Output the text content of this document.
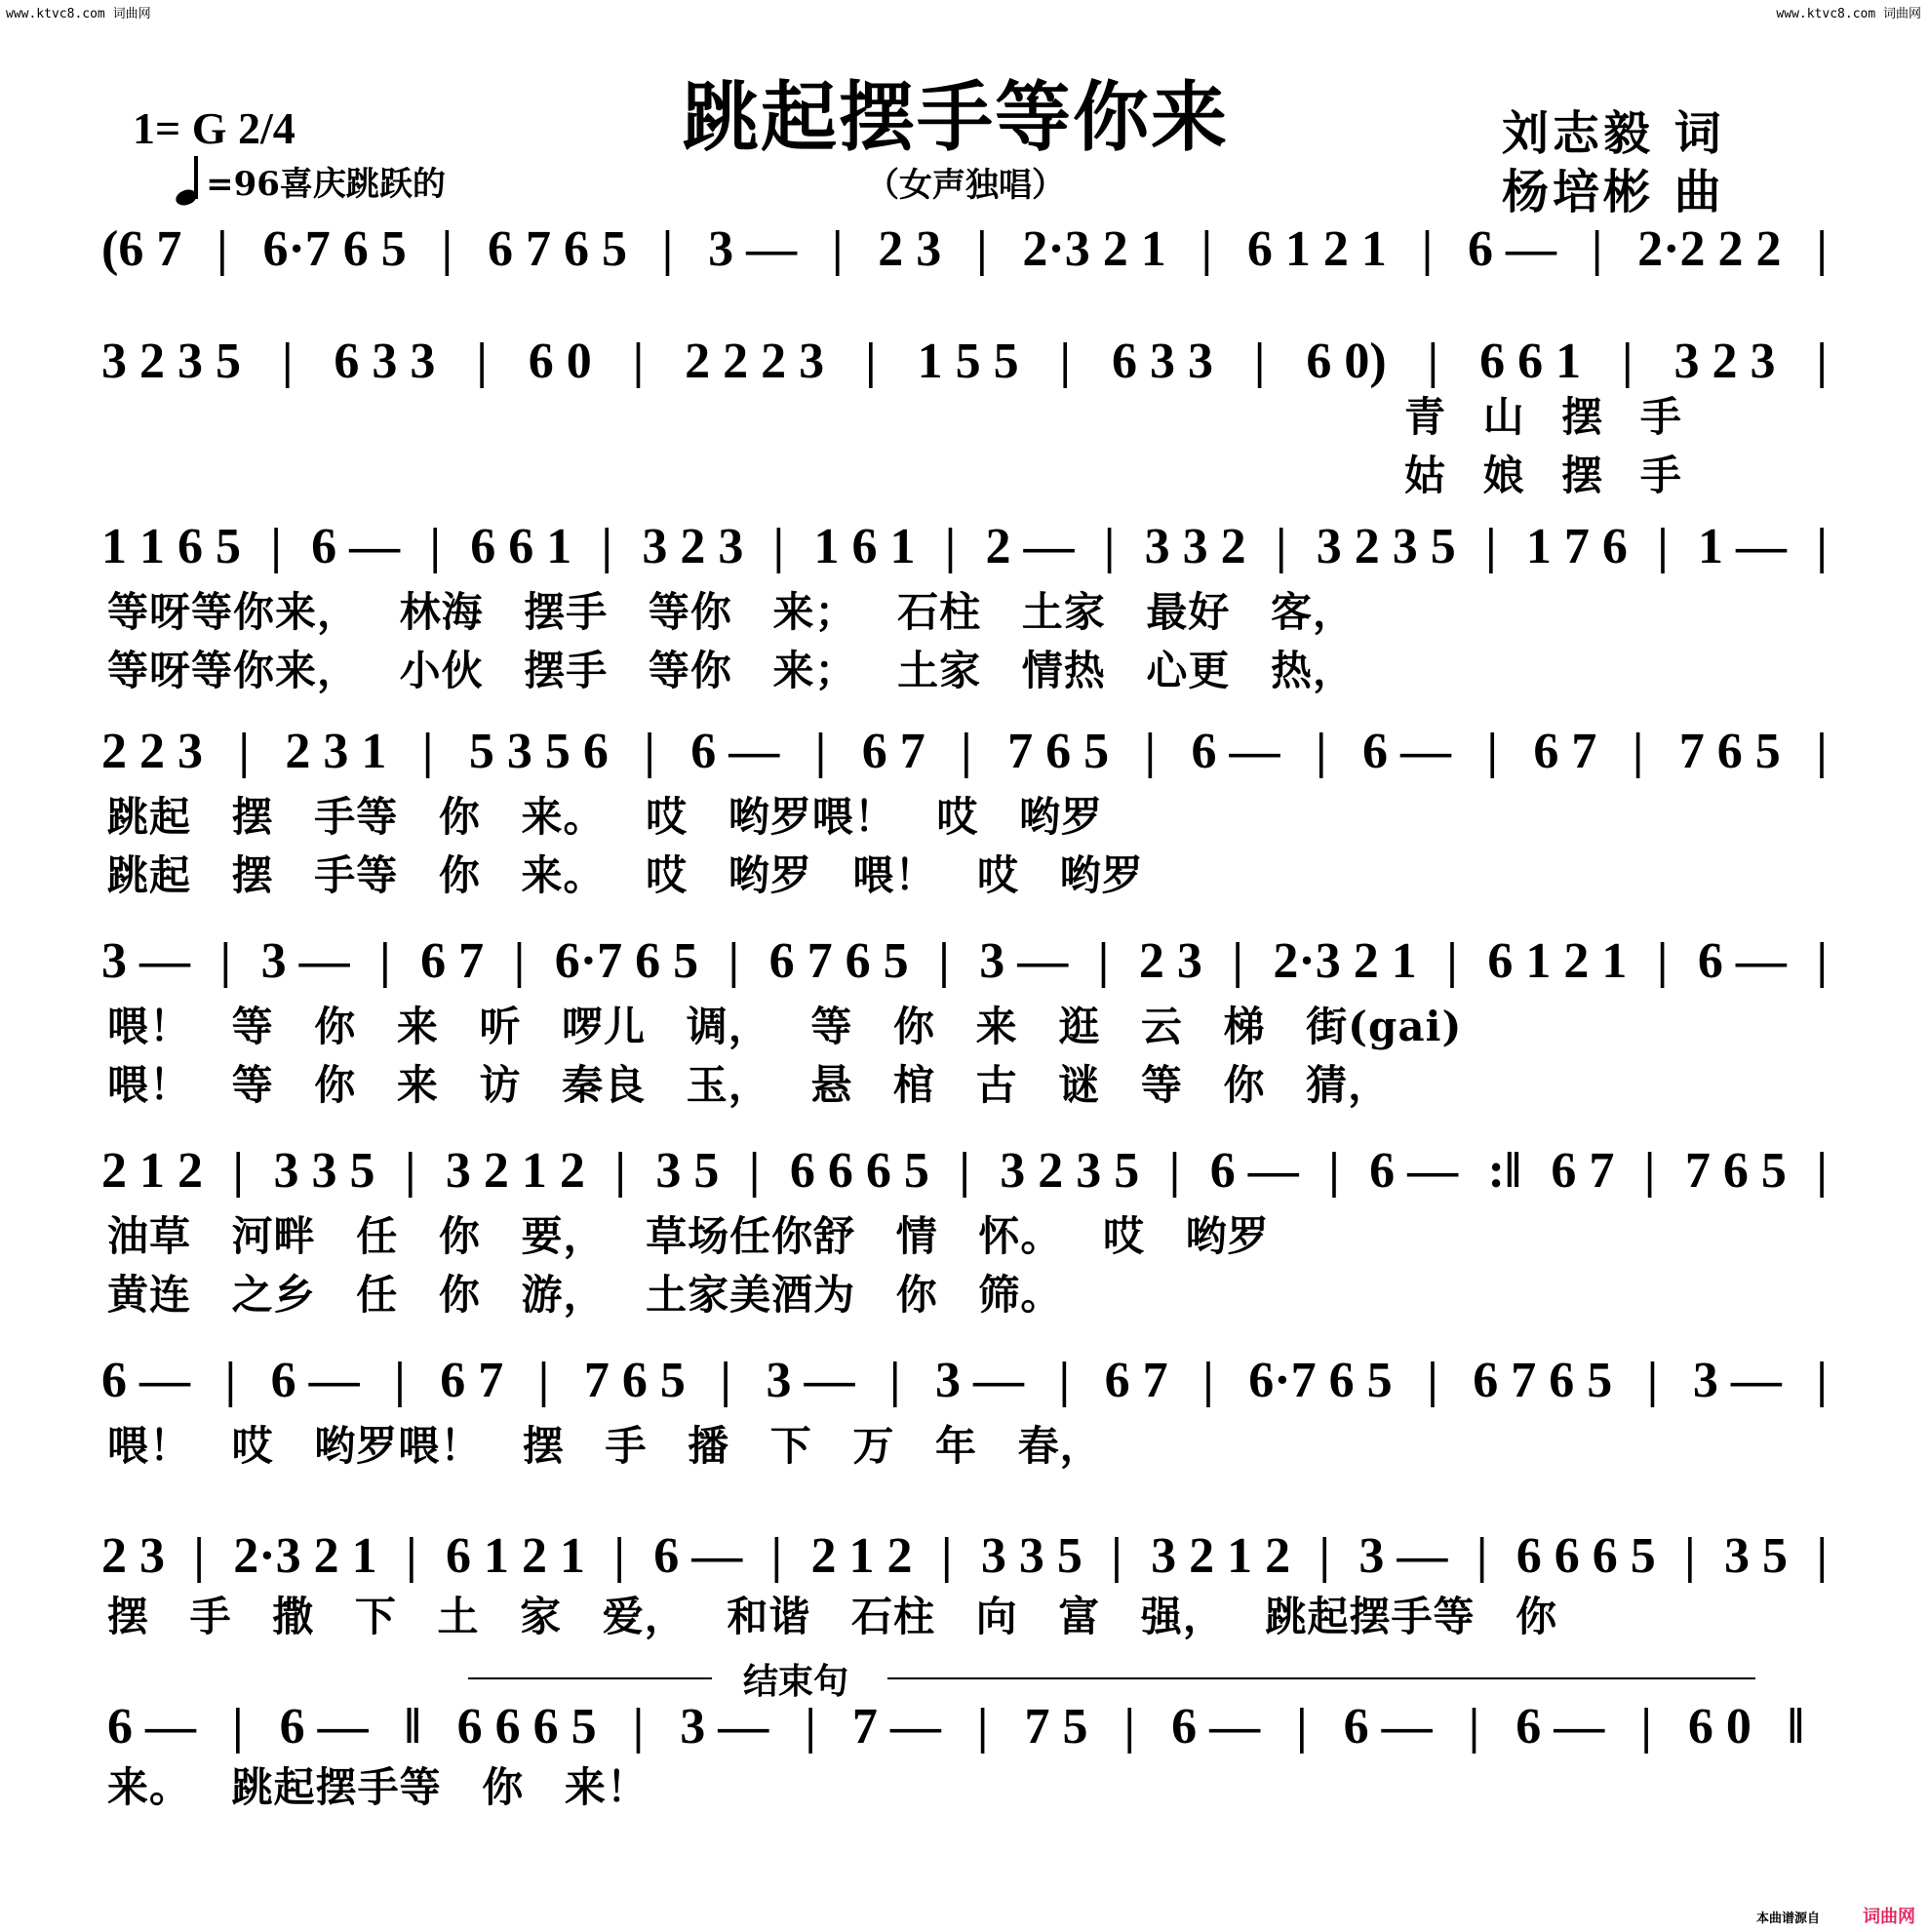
www.ktvc8.com 词曲网	www.ktvc8.com 词曲网
跳起摆手等你来
1= G 2/4
=96喜庆跳跃的	（女声独唱）
刘志毅 词
杨培彬 曲
(6 7 | 6·7 6 5 | 6 7 6 5 | 3 — | 2 3 | 2·3 2 1 | 6 1 2 1 | 6 — | 2·2 2 2 |
3 2 3 5 | 6 3 3 | 6 0 | 2 2 2 3 | 1 5 5 | 6 3 3 | 6 0) | 6 6 1 | 3 2 3 |
青 山 摆 手
姑 娘 摆 手
1 1 6 5 | 6 — | 6 6 1 | 3 2 3 | 1 6 1 | 2 — | 3 3 2 | 3 2 3 5 | 1 7 6 | 1 — |
等呀等你来， 林海 摆手 等你 来； 石柱 土家 最好 客，
等呀等你来， 小伙 摆手 等你 来； 土家 情热 心更 热，
2 2 3 | 2 3 1 | 5 3 5 6 | 6 — | 6 7 | 7 6 5 | 6 — | 6 — | 6 7 | 7 6 5 |
跳起 摆 手等 你 来。 哎 哟罗喂！ 哎 哟罗
跳起 摆 手等 你 来。 哎 哟罗 喂！ 哎 哟罗
3 — | 3 — | 6 7 | 6·7 6 5 | 6 7 6 5 | 3 — | 2 3 | 2·3 2 1 | 6 1 2 1 | 6 — |
喂！ 等 你 来 听 啰儿 调， 等 你 来 逛 云 梯 街(gai)
喂！ 等 你 来 访 秦良 玉， 悬 棺 古 谜 等 你 猜，
2 1 2 | 3 3 5 | 3 2 1 2 | 3 5 | 6 6 6 5 | 3 2 3 5 | 6 — | 6 — :‖ 6 7 | 7 6 5 |
油草 河畔 任 你 要， 草场任你舒 情 怀。 哎 哟罗
黄连 之乡 任 你 游， 土家美酒为 你 筛。
6 — | 6 — | 6 7 | 7 6 5 | 3 — | 3 — | 6 7 | 6·7 6 5 | 6 7 6 5 | 3 — |
喂！ 哎 哟罗喂！ 摆 手 播 下 万 年 春，
2 3 | 2·3 2 1 | 6 1 2 1 | 6 — | 2 1 2 | 3 3 5 | 3 2 1 2 | 3 — | 6 6 6 5 | 3 5 |
摆 手 撒 下 土 家 爱， 和谐 石柱 向 富 强， 跳起摆手等 你
6 — | 6 — ‖ 6 6 6 5 | 3 — | 7 — | 7 5 | 6 — | 6 — | 6 — | 6 0 ‖
来。 跳起摆手等 你 来！
结束句
本曲谱源自 词曲网
